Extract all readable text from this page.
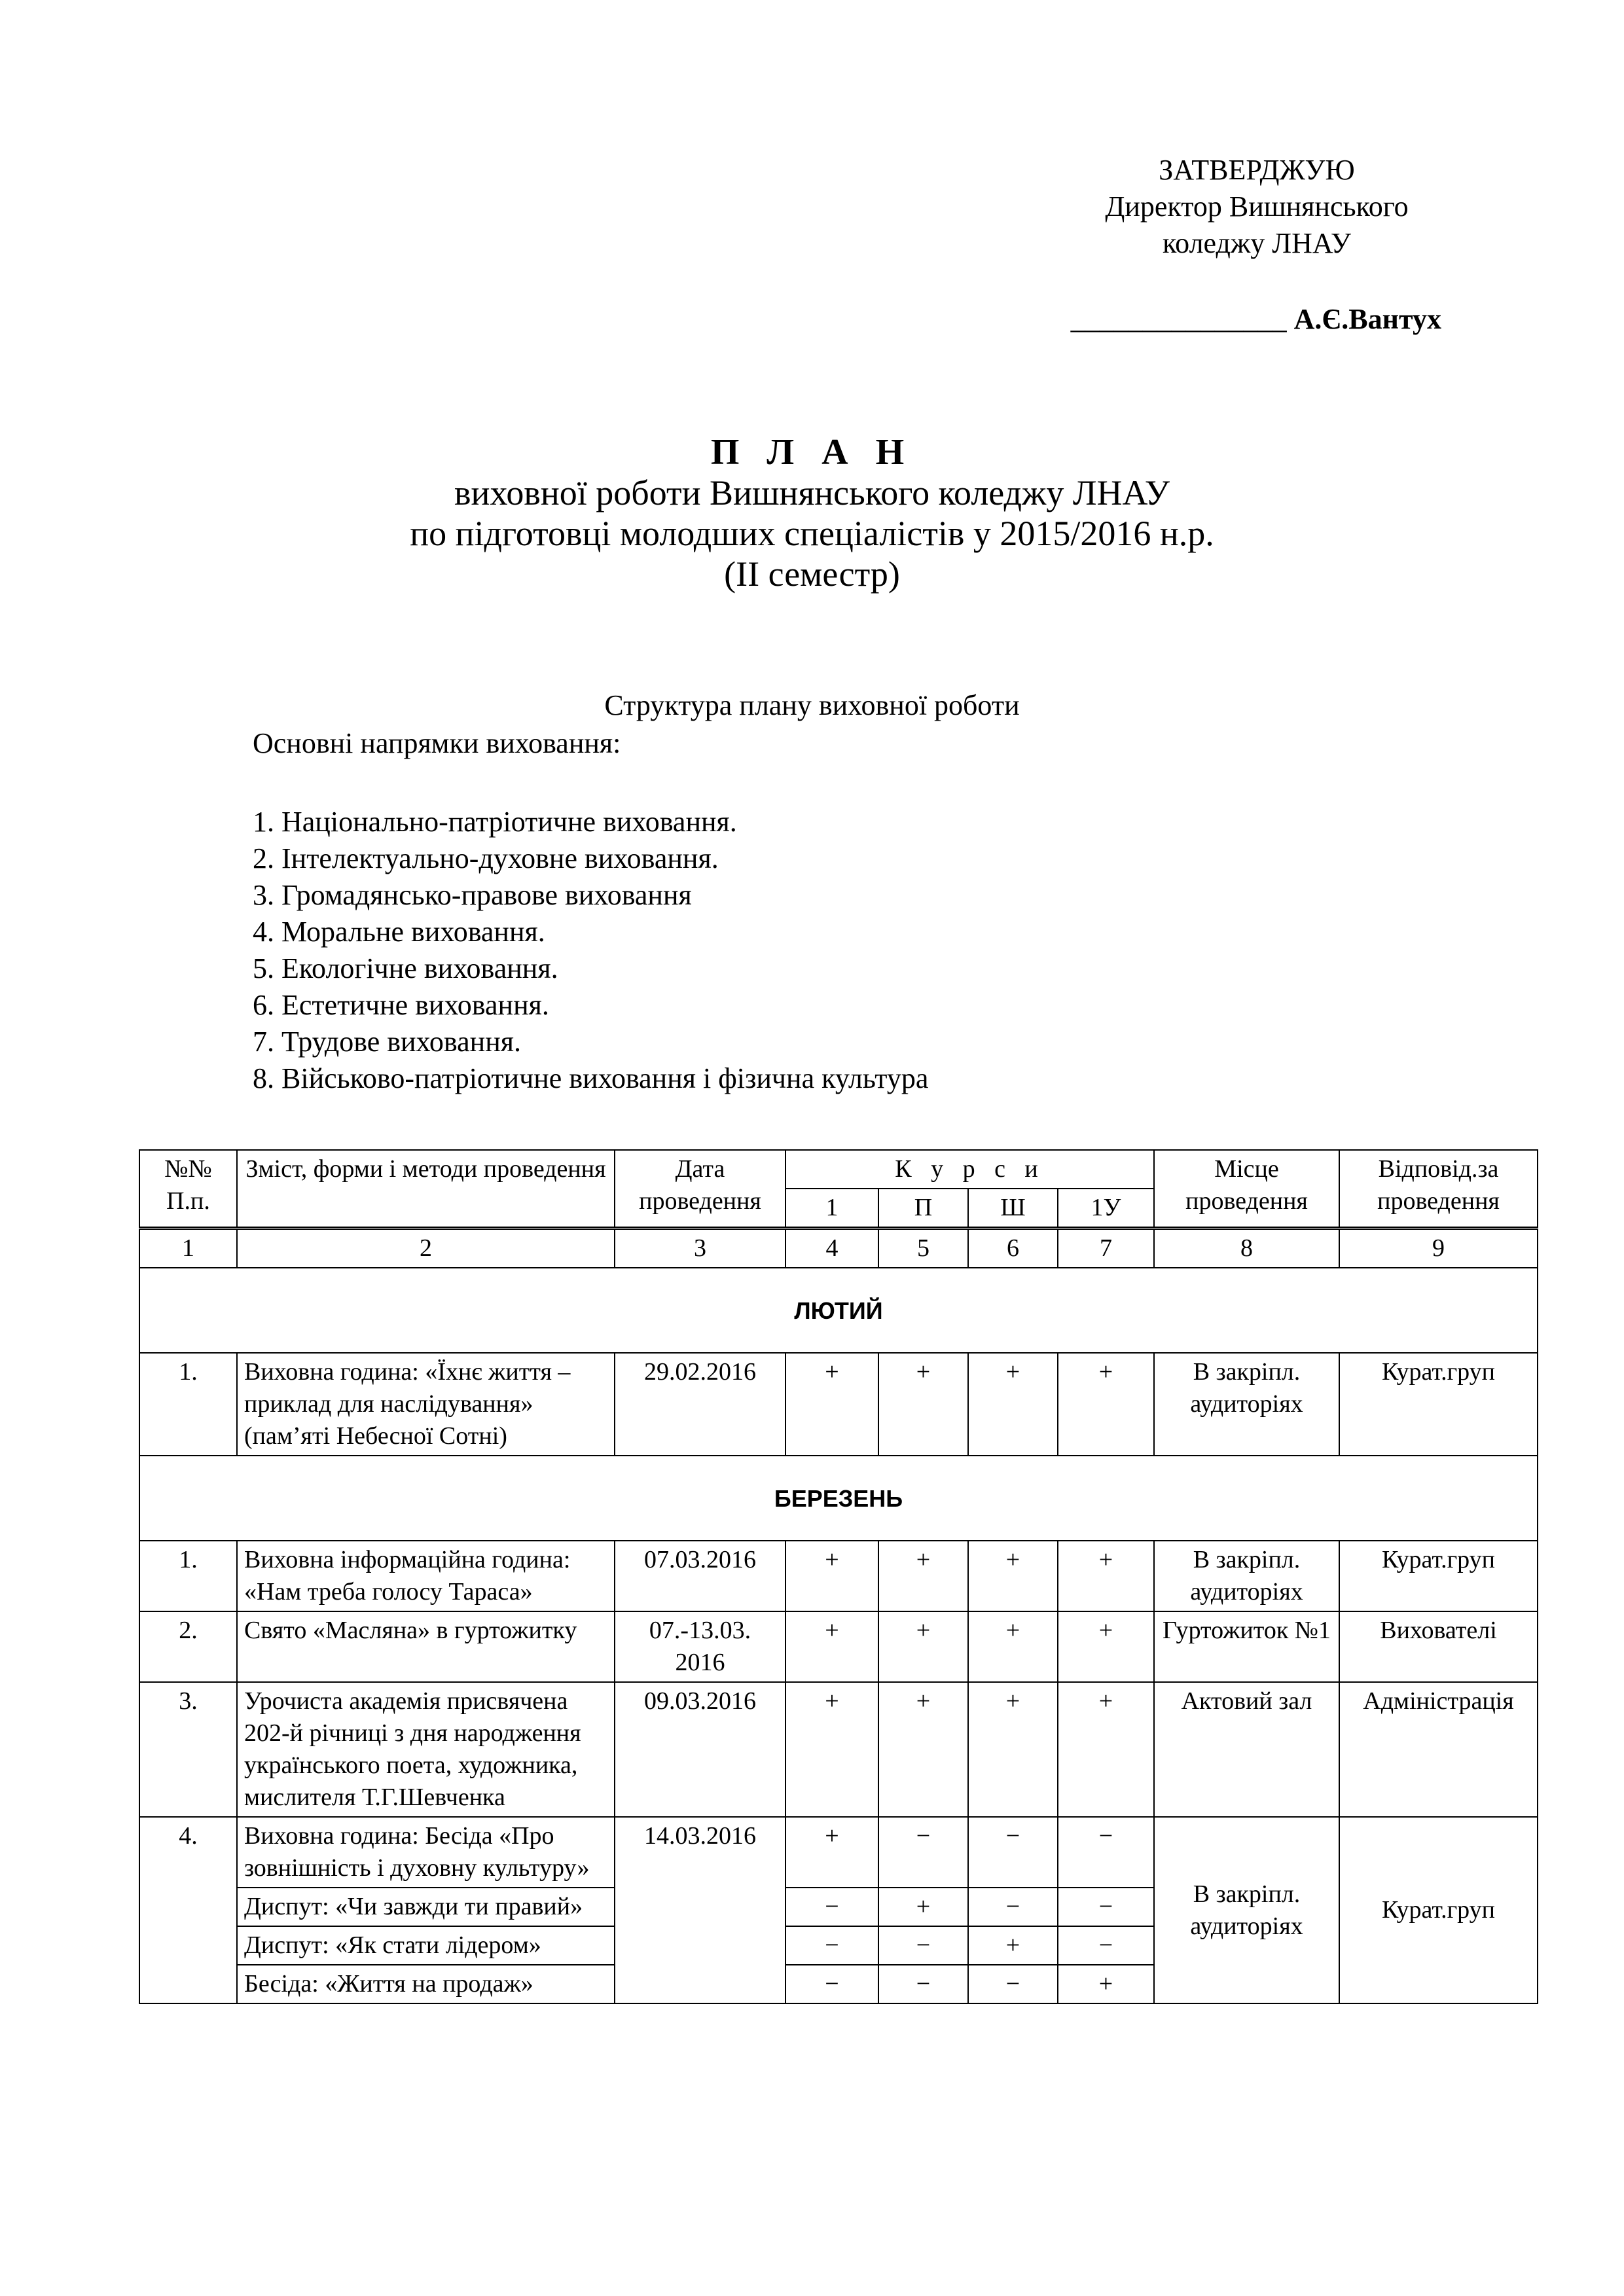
ЗАТВЕРДЖУЮ
Директор Вишнянського
коледжу ЛНАУ
_______________ А.Є.Вантух
П Л А Н
виховної роботи Вишнянського коледжу ЛНАУ
по підготовці молодших спеціалістів у 2015/2016 н.р.
(ІІ семестр)
Структура плану виховної роботи
Основні напрямки виховання:
1. Національно-патріотичне виховання.
2. Інтелектуально-духовне виховання.
3. Громадянсько-правове виховання
4. Моральне виховання.
5. Екологічне виховання.
6. Естетичне виховання.
7. Трудове виховання.
8. Військово-патріотичне виховання і фізична культура
№№ П.п.	Зміст, форми і методи проведення	Дата проведення	К у р с и				Місце проведення	Відповід.за проведення
			1	П	Ш	1У		
1	2	3	4	5	6	7	8	9
ЛЮТИЙ								
1.	Виховна година: «Їхнє життя – приклад для наслідування» (пам’яті Небесної Сотні)	29.02.2016	+	+	+	+	В закріпл. аудиторіях	Курат.груп
БЕРЕЗЕНЬ								
1.	Виховна інформаційна година: «Нам треба голосу Тараса»	07.03.2016	+	+	+	+	В закріпл. аудиторіях	Курат.груп
2.	Свято «Масляна» в гуртожитку	07.-13.03. 2016	+	+	+	+	Гуртожиток №1	Вихователі
3.	Урочиста академія присвячена 202-й річниці з дня народження українського поета, художника, мислителя Т.Г.Шевченка	09.03.2016	+	+	+	+	Актовий зал	Адміністрація
4.	Виховна година: Бесіда «Про зовнішність і духовну культуру»	14.03.2016	+	−	−	−	В закріпл. аудиторіях	Курат.груп
	Диспут: «Чи завжди ти правий»		−	+	−	−		
	Диспут: «Як стати лідером»		−	−	+	−		
	Бесіда: «Життя на продаж»		−	−	−	+		
